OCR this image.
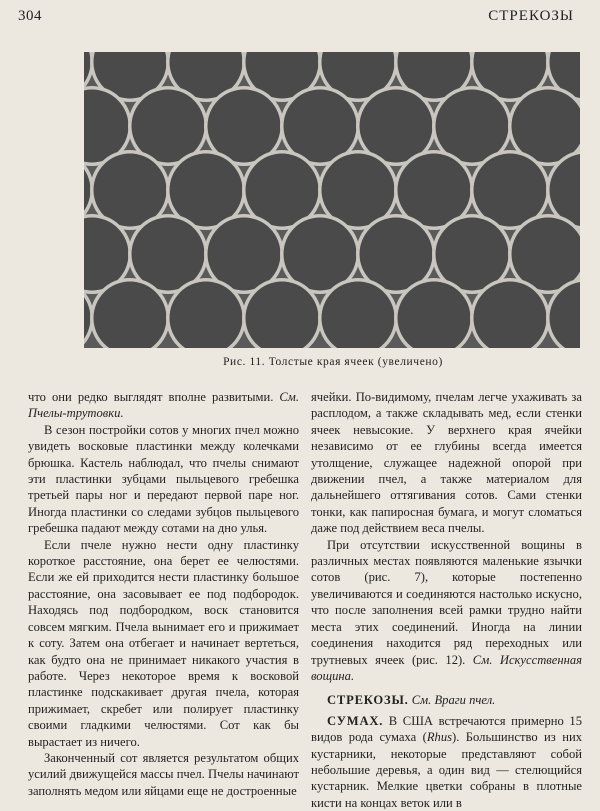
304	СТРЕКОЗЫ
Рис. 11. Толстые края ячеек (увеличено)

что они редко выглядят вполне развитыми. См. Пчелы-трутовки.

В сезон постройки сотов у многих пчел можно увидеть восковые пластинки между колечками брюшка. Кастель наблюдал, что пчелы снимают эти пластинки зубцами пыльцевого гребешка третьей пары ног и передают первой паре ног. Иногда пластинки со следами зубцов пыльцевого гребешка падают между сотами на дно улья.

Если пчеле нужно нести одну пластинку короткое расстояние, она берет ее челюстями. Если же ей приходится нести пластинку большое расстояние, она засовывает ее под подбородок. Находясь под подбородком, воск становится совсем мягким. Пчела вынимает его и прижимает к соту. Затем она отбегает и начинает вертеться, как будто она не принимает никакого участия в работе. Через некоторое время к восковой пластинке подскакивает другая пчела, которая прижимает, скребет или полирует пластинку своими гладкими челюстями. Сот как бы вырастает из ничего.

Законченный сот является результатом общих усилий движущейся массы пчел. Пчелы начинают заполнять медом или яйцами еще не достроенные

ячейки. По-видимому, пчелам легче ухаживать за расплодом, а также складывать мед, если стенки ячеек невысокие. У верхнего края ячейки независимо от ее глубины всегда имеется утолщение, служащее надежной опорой при движении пчел, а также материалом для дальнейшего оттягивания сотов. Сами стенки тонки, как папиросная бумага, и могут сломаться даже под действием веса пчелы.

При отсутствии искусственной вощины в различных местах появляются маленькие язычки сотов (рис. 7), которые постепенно увеличиваются и соединяются настолько искусно, что после заполнения всей рамки трудно найти места этих соединений. Иногда на линии соединения находится ряд переходных или трутневых ячеек (рис. 12). См. Искусственная вощина.

СТРЕКОЗЫ. См. Враги пчел.

СУМАХ. В США встречаются примерно 15 видов рода сумаха (Rhus). Большинство из них кустарники, некоторые представляют собой небольшие деревья, а один вид — стелющийся кустарник. Мелкие цветки собраны в плотные кисти на концах веток или в
